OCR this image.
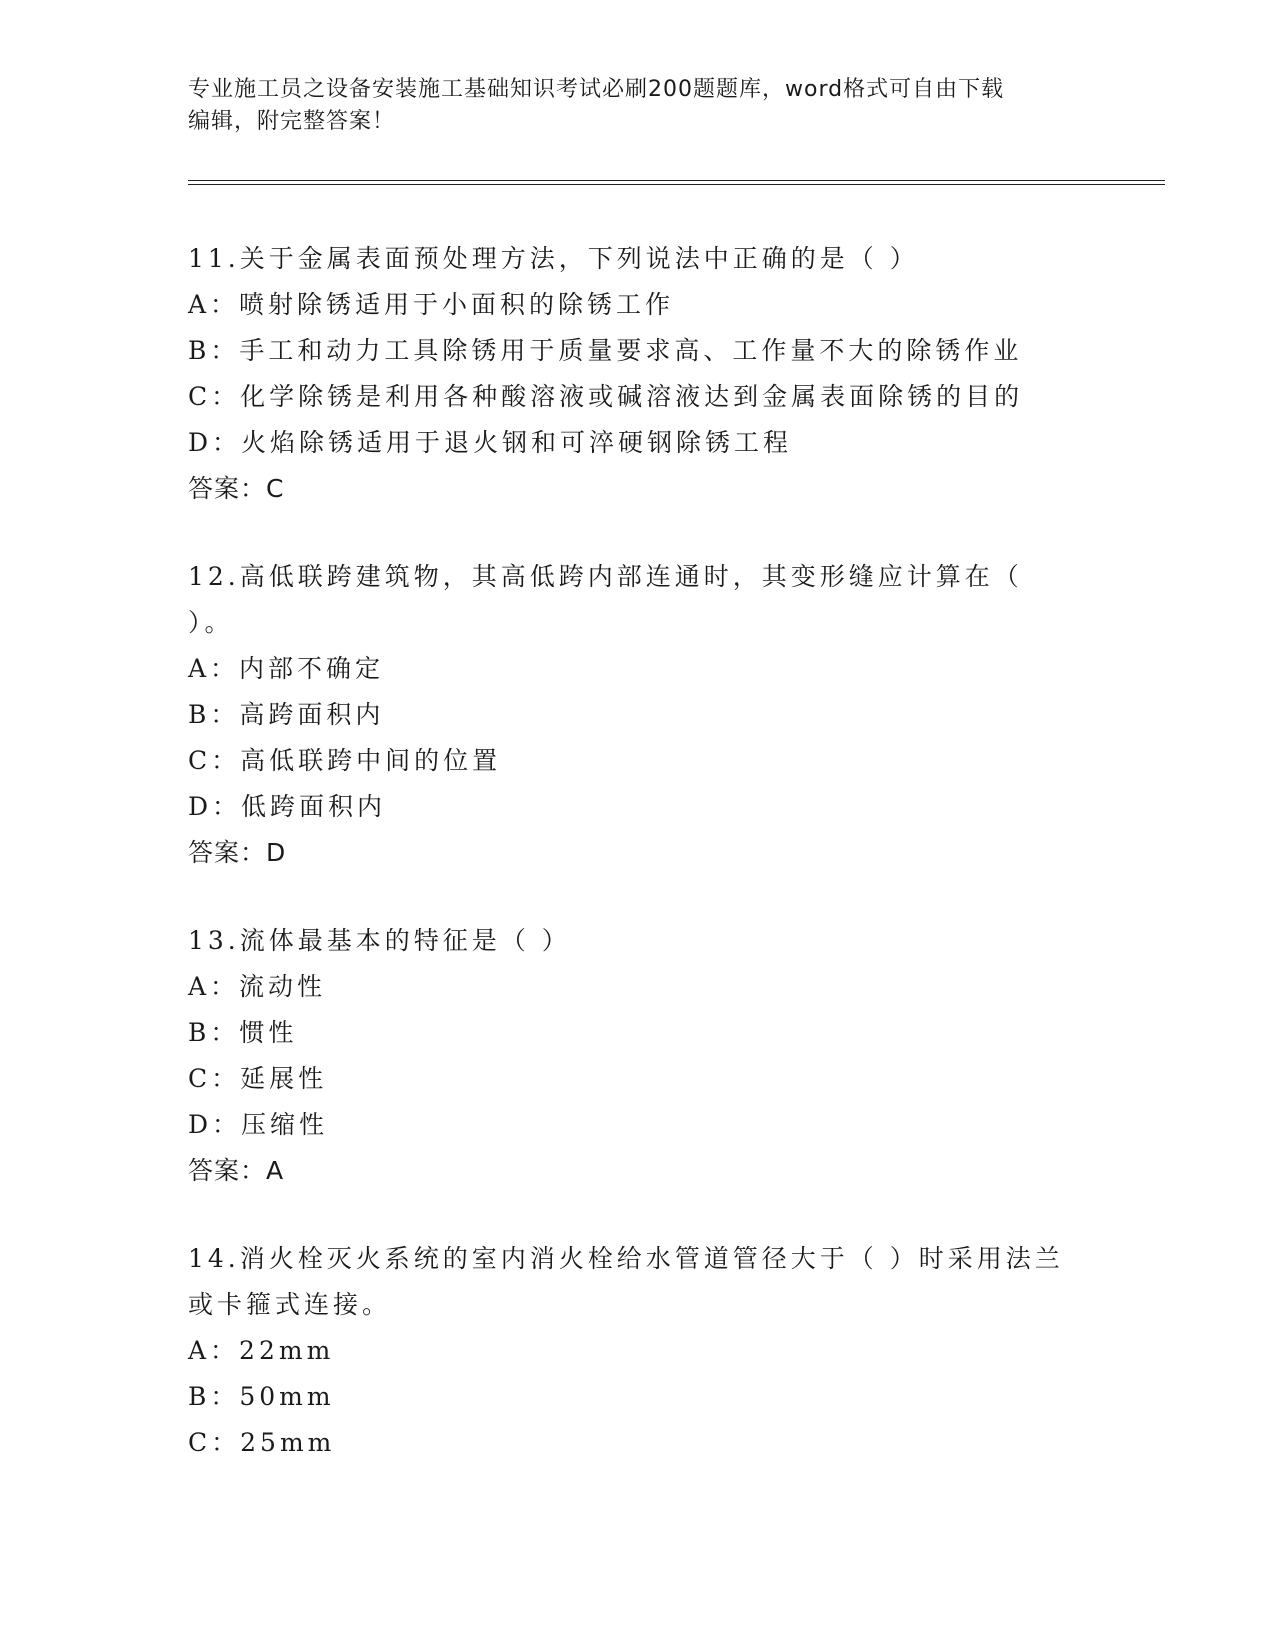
专业施工员之设备安装施工基础知识考试必刷200题题库，word格式可自由下载
编辑，附完整答案！
11.关于金属表面预处理方法，下列说法中正确的是（ ）
A：喷射除锈适用于小面积的除锈工作
B：手工和动力工具除锈用于质量要求高、工作量不大的除锈作业
C：化学除锈是利用各种酸溶液或碱溶液达到金属表面除锈的目的
D：火焰除锈适用于退火钢和可淬硬钢除锈工程
答案：C
12.高低联跨建筑物，其高低跨内部连通时，其变形缝应计算在（ ）。
A：内部不确定
B：高跨面积内
C：高低联跨中间的位置
D：低跨面积内
答案：D
13.流体最基本的特征是（ ）
A：流动性
B：惯性
C：延展性
D：压缩性
答案：A
14.消火栓灭火系统的室内消火栓给水管道管径大于（ ）时采用法兰或卡箍式连接。
A：22mm
B：50mm
C：25mm
